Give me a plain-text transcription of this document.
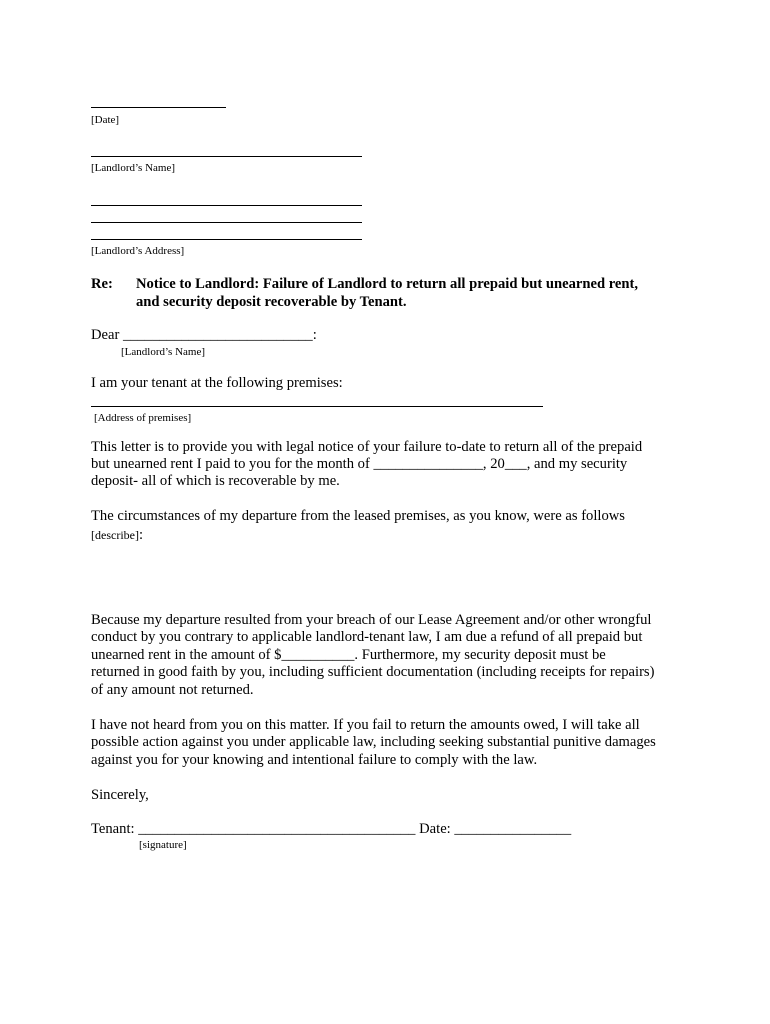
[Date]
[Landlord’s Name]
[Landlord’s Address]
Re: Notice to Landlord: Failure of Landlord to return all prepaid but unearned rent,
and security deposit recoverable by Tenant.
Dear __________________________:
[Landlord’s Name]
I am your tenant at the following premises:
[Address of premises]
This letter is to provide you with legal notice of your failure to-date to return all of the prepaid
but unearned rent I paid to you for the month of _______________, 20___, and my security
deposit- all of which is recoverable by me.
The circumstances of my departure from the leased premises, as you know, were as follows
[describe]:
Because my departure resulted from your breach of our Lease Agreement and/or other wrongful
conduct by you contrary to applicable landlord-tenant law, I am due a refund of all prepaid but
unearned rent in the amount of $__________. Furthermore, my security deposit must be
returned in good faith by you, including sufficient documentation (including receipts for repairs)
of any amount not returned.
I have not heard from you on this matter. If you fail to return the amounts owed, I will take all
possible action against you under applicable law, including seeking substantial punitive damages
against you for your knowing and intentional failure to comply with the law.
Sincerely,
Tenant: ______________________________________ Date: ________________
[signature]
